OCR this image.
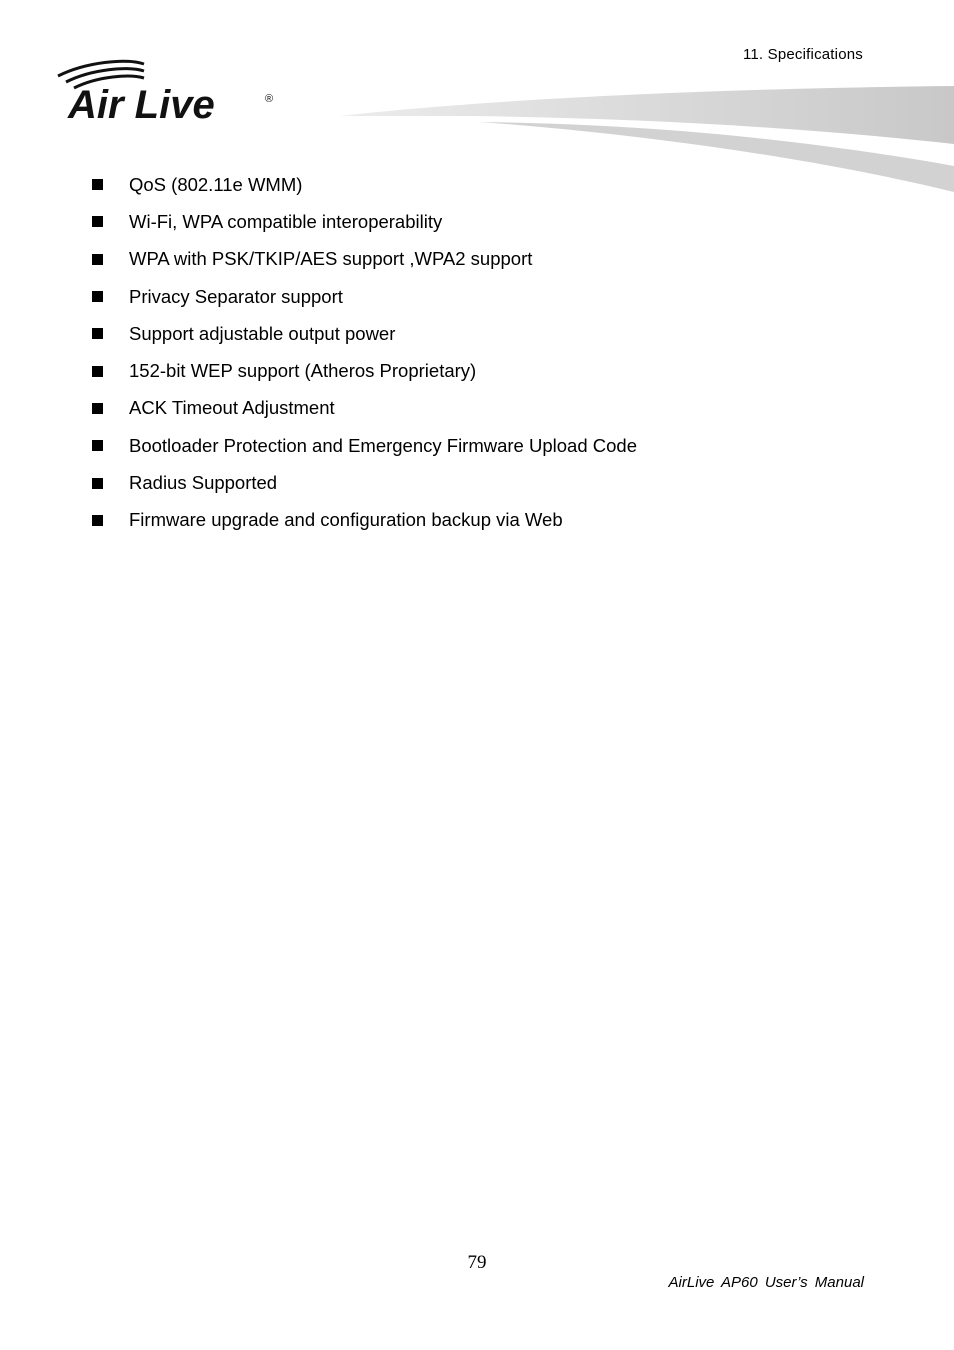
11. Specifications
Air Live	®
QoS (802.11e WMM)
Wi-Fi, WPA compatible interoperability
WPA with PSK/TKIP/AES support ,WPA2 support
Privacy Separator support
Support adjustable output power
152-bit WEP support (Atheros Proprietary)
ACK Timeout Adjustment
Bootloader Protection and Emergency Firmware Upload Code
Radius Supported
Firmware upgrade and configuration backup via Web
79
AirLive AP60 User’s Manual
